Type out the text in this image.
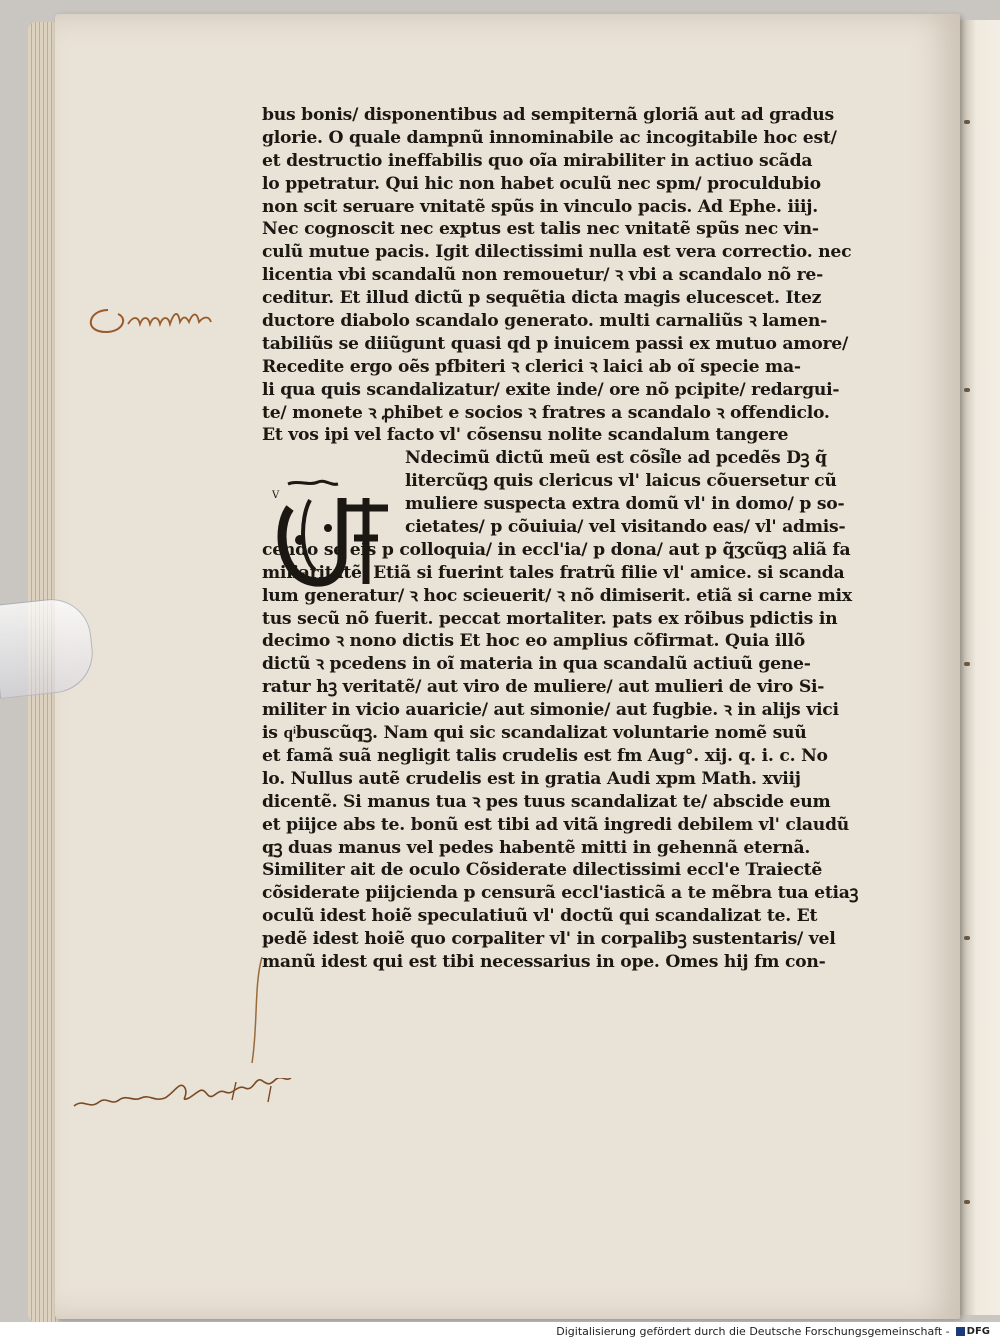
V
bus bonis/ disponentibus ad sempiternã gloriã aut ad gradus
glorie. O quale dampnũ innominabile ac incogitabile hoc est/
et destructio ineffabilis quo oĩa mirabiliter in actiuo scãda
lo ppetratur. Qui hic non habet oculũ nec spm/ proculdubio
non scit seruare vnitatẽ spũs in vinculo pacis. Ad Ephe. iiij.
Nec cognoscit nec exptus est talis nec vnitatẽ spũs nec vin-
culũ mutue pacis. Igit dilectissimi nulla est vera correctio. nec
licentia vbi scandalũ non remouetur/ ꝛ vbi a scandalo nõ re-
ceditur. Et illud dictũ p sequẽtia dicta magis elucescet. Itez
ductore diabolo scandalo generato. multi carnaliũs ꝛ lamen-
tabiliũs se diiũgunt quasi qd p inuicem passi ex mutuo amore/
Recedite ergo oẽs pfbiteri ꝛ clerici ꝛ laici ab oĩ specie ma-
li qua quis scandalizatur/ exite inde/ ore nõ pcipite/ redargui-
te/ monete ꝛ ꝓhibet e socios ꝛ fratres a scandalo ꝛ offendiclo.
Et vos ipi vel facto vl' cõsensu nolite scandalum tangere
Ndecimũ dictũ meũ est cõsi͂le ad pcedẽs Dꝫ q̃
litercũqꝫ quis clericus vl' laicus cõuersetur cũ
muliere suspecta extra domũ vl' in domo/ p so-
cietates/ p cõuiuia/ vel visitando eas/ vl' admis-
cendo se eis p colloquia/ in eccl'ia/ p dona/ aut p q̃ʒcũqꝫ aliã fa
miliaritatẽ. Etiã si fuerint tales fratrũ filie vl' amice. si scanda
lum generatur/ ꝛ hoc scieuerit/ ꝛ nõ dimiserit. etiã si carne mix
tus secũ nõ fuerit. peccat mortaliter. pats ex rõibus pdictis in
decimo ꝛ nono dictis Et hoc eo amplius cõfirmat. Quia illõ
dictũ ꝛ pcedens in oĩ materia in qua scandalũ actiuũ gene-
ratur hꝫ veritatẽ/ aut viro de muliere/ aut mulieri de viro Si-
militer in vicio auaricie/ aut simonie/ aut fugbie. ꝛ in alijs vici
is qͥbuscũqꝫ. Nam qui sic scandalizat voluntarie nomẽ suũ
et famã suã negligit talis crudelis est fm Aug°. xij. q. i. c. No
lo. Nullus autẽ crudelis est in gratia Audi xpm Math. xviij
dicentẽ. Si manus tua ꝛ pes tuus scandalizat te/ abscide eum
et piijce abs te. bonũ est tibi ad vitã ingredi debilem vl' claudũ
qꝫ duas manus vel pedes habentẽ mitti in gehennã eternã.
Similiter ait de oculo Cõsiderate dilectissimi eccl'e Traiectẽ
cõsiderate piijcienda p censurã eccl'iasticã a te mẽbra tua etiaꝫ
oculũ idest hoiẽ speculatiuũ vl' doctũ qui scandalizat te. Et
pedẽ idest hoiẽ quo corpaliter vl' in corpalibꝫ sustentaris/ vel
manũ idest qui est tibi necessarius in ope. Omes hij fm con-
Digitalisierung gefördert durch die Deutsche Forschungsgemeinschaft - DFG
